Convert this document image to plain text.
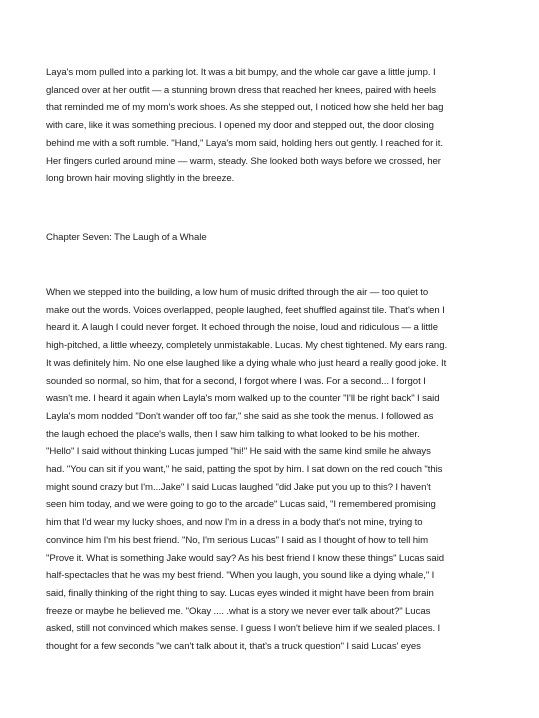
Laya's mom pulled into a parking lot. It was a bit bumpy, and the whole car gave a little jump. I
glanced over at her outfit — a stunning brown dress that reached her knees, paired with heels
that reminded me of my mom's work shoes. As she stepped out, I noticed how she held her bag
with care, like it was something precious. I opened my door and stepped out, the door closing
behind me with a soft rumble. "Hand," Laya's mom said, holding hers out gently. I reached for it.
Her fingers curled around mine — warm, steady. She looked both ways before we crossed, her
long brown hair moving slightly in the breeze.
Chapter Seven: The Laugh of a Whale
When we stepped into the building, a low hum of music drifted through the air — too quiet to
make out the words. Voices overlapped, people laughed, feet shuffled against tile. That's when I
heard it. A laugh I could never forget. It echoed through the noise, loud and ridiculous — a little
high-pitched, a little wheezy, completely unmistakable. Lucas. My chest tightened. My ears rang.
It was definitely him. No one else laughed like a dying whale who just heard a really good joke. It
sounded so normal, so him, that for a second, I forgot where I was. For a second... I forgot I
wasn't me. I heard it again when Layla's mom walked up to the counter "I'll be right back" I said
Layla's mom nodded "Don't wander off too far," she said as she took the menus. I followed as
the laugh echoed the place's walls, then I saw him talking to what looked to be his mother.
"Hello" I said without thinking Lucas jumped "hi!" He said with the same kind smile he always
had. "You can sit if you want," he said, patting the spot by him. I sat down on the red couch "this
might sound crazy but I'm...Jake" I said Lucas laughed "did Jake put you up to this? I haven't
seen him today, and we were going to go to the arcade" Lucas said, "I remembered promising
him that I'd wear my lucky shoes, and now I'm in a dress in a body that's not mine, trying to
convince him I'm his best friend. "No, I'm serious Lucas" I said as I thought of how to tell him
"Prove it. What is something Jake would say? As his best friend I know these things" Lucas said
half-spectacles that he was my best friend. "When you laugh, you sound like a dying whale," I
said, finally thinking of the right thing to say. Lucas eyes winded it might have been from brain
freeze or maybe he believed me. "Okay .... .what is a story we never ever talk about?" Lucas
asked, still not convinced which makes sense. I guess I won't believe him if we sealed places. I
thought for a few seconds "we can't talk about it, that's a truck question" I said Lucas' eyes
